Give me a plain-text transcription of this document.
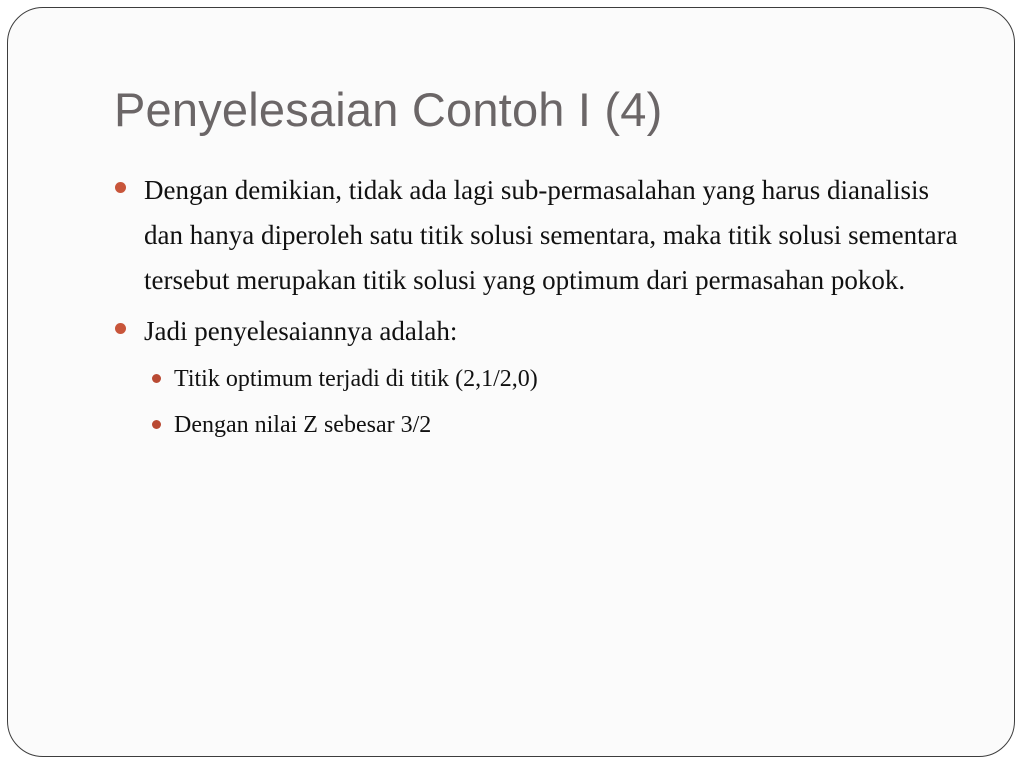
Penyelesaian Contoh I (4)
Dengan demikian, tidak ada lagi sub-permasalahan yang harus dianalisis dan hanya diperoleh satu titik solusi sementara, maka titik solusi sementara tersebut merupakan titik solusi yang optimum dari permasahan pokok.
Jadi penyelesaiannya adalah:
Titik optimum terjadi di titik (2,1/2,0)
Dengan nilai Z sebesar 3/2
